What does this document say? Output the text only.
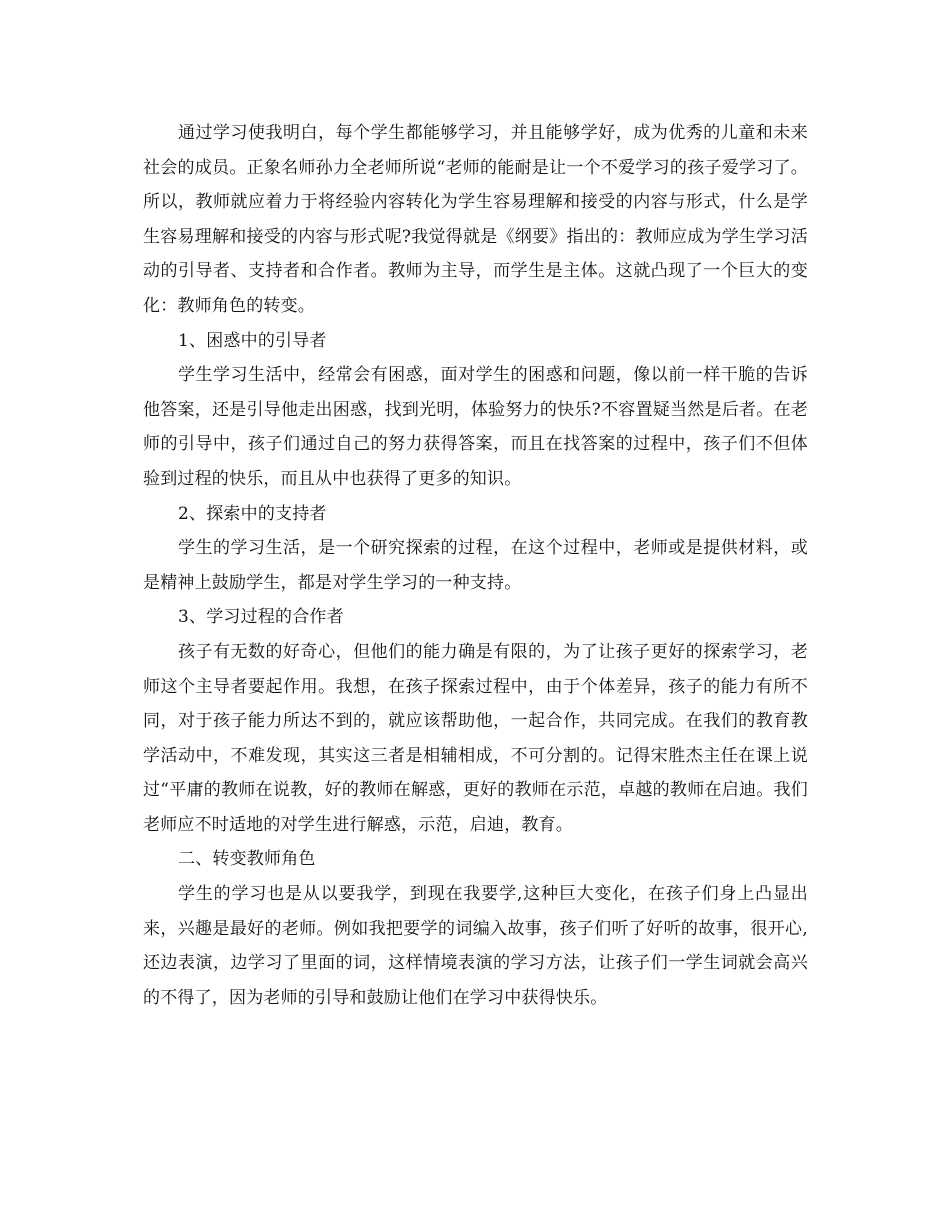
通过学习使我明白，每个学生都能够学习，并且能够学好，成为优秀的儿童和未来社会的成员。正象名师孙力全老师所说“老师的能耐是让一个不爱学习的孩子爱学习了。所以，教师就应着力于将经验内容转化为学生容易理解和接受的内容与形式，什么是学生容易理解和接受的内容与形式呢?我觉得就是《纲要》指出的：教师应成为学生学习活动的引导者、支持者和合作者。教师为主导，而学生是主体。这就凸现了一个巨大的变化：教师角色的转变。

1、困惑中的引导者

学生学习生活中，经常会有困惑，面对学生的困惑和问题，像以前一样干脆的告诉他答案，还是引导他走出困惑，找到光明，体验努力的快乐?不容置疑当然是后者。在老师的引导中，孩子们通过自己的努力获得答案，而且在找答案的过程中，孩子们不但体验到过程的快乐，而且从中也获得了更多的知识。

2、探索中的支持者

学生的学习生活，是一个研究探索的过程，在这个过程中，老师或是提供材料，或是精神上鼓励学生，都是对学生学习的一种支持。

3、学习过程的合作者

孩子有无数的好奇心，但他们的能力确是有限的，为了让孩子更好的探索学习，老师这个主导者要起作用。我想，在孩子探索过程中，由于个体差异，孩子的能力有所不同，对于孩子能力所达不到的，就应该帮助他，一起合作，共同完成。在我们的教育教学活动中，不难发现，其实这三者是相辅相成，不可分割的。记得宋胜杰主任在课上说过“平庸的教师在说教，好的教师在解惑，更好的教师在示范，卓越的教师在启迪。我们老师应不时适地的对学生进行解惑，示范，启迪，教育。

二、转变教师角色

学生的学习也是从以要我学，到现在我要学,这种巨大变化，在孩子们身上凸显出来，兴趣是最好的老师。例如我把要学的词编入故事，孩子们听了好听的故事，很开心,还边表演，边学习了里面的词，这样情境表演的学习方法，让孩子们一学生词就会高兴的不得了，因为老师的引导和鼓励让他们在学习中获得快乐。
